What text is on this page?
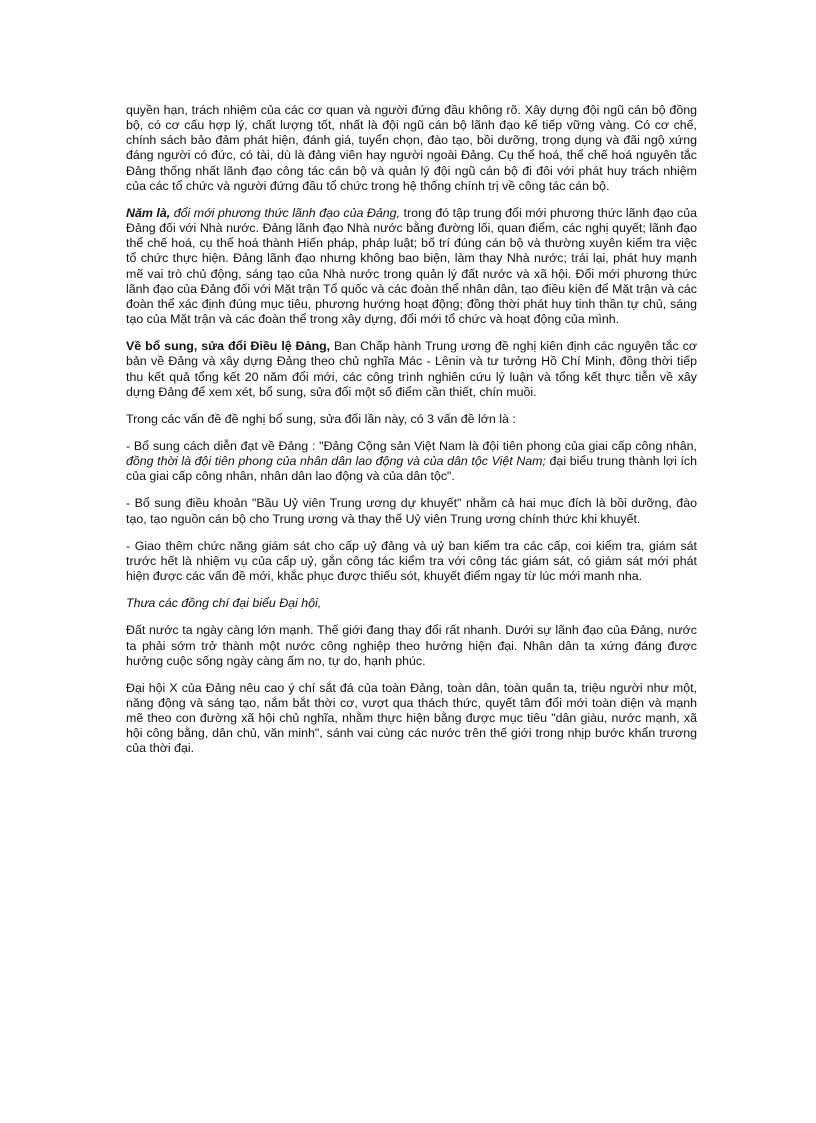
quyền hạn, trách nhiệm của các cơ quan và người đứng đầu không rõ. Xây dựng đội ngũ cán bộ đồng bộ, có cơ cấu hợp lý, chất lượng tốt, nhất là đội ngũ cán bộ lãnh đạo kế tiếp vững vàng. Có cơ chế, chính sách bảo đảm phát hiện, đánh giá, tuyển chọn, đào tạo, bồi dưỡng, trọng dụng và đãi ngộ xứng đáng người có đức, có tài, dù là đảng viên hay người ngoài Đảng. Cụ thể hoá, thể chế hoá nguyên tắc Đảng thống nhất lãnh đạo công tác cán bộ và quản lý đội ngũ cán bộ đi đôi với phát huy trách nhiệm của các tổ chức và người đứng đầu tổ chức trong hệ thống chính trị về công tác cán bộ.

Năm là, đổi mới phương thức lãnh đạo của Đảng, trong đó tập trung đổi mới phương thức lãnh đạo của Đảng đối với Nhà nước. Đảng lãnh đạo Nhà nước bằng đường lối, quan điểm, các nghị quyết; lãnh đạo thể chế hoá, cụ thể hoá thành Hiến pháp, pháp luật; bố trí đúng cán bộ và thường xuyên kiểm tra việc tổ chức thực hiện. Đảng lãnh đạo nhưng không bao biện, làm thay Nhà nước; trái lại, phát huy mạnh mẽ vai trò chủ động, sáng tạo của Nhà nước trong quản lý đất nước và xã hội. Đổi mới phương thức lãnh đạo của Đảng đối với Mặt trận Tổ quốc và các đoàn thể nhân dân, tạo điều kiện để Mặt trận và các đoàn thể xác định đúng mục tiêu, phương hướng hoạt động; đồng thời phát huy tinh thần tự chủ, sáng tạo của Mặt trận và các đoàn thể trong xây dựng, đổi mới tổ chức và hoạt động của mình.

Về bổ sung, sửa đổi Điều lệ Đảng, Ban Chấp hành Trung ương đề nghị kiên định các nguyên tắc cơ bản về Đảng và xây dựng Đảng theo chủ nghĩa Mác - Lênin và tư tưởng Hồ Chí Minh, đồng thời tiếp thu kết quả tổng kết 20 năm đổi mới, các công trình nghiên cứu lý luận và tổng kết thực tiễn về xây dựng Đảng để xem xét, bổ sung, sửa đổi một số điểm cần thiết, chín muồi.

Trong các vấn đề đề nghị bổ sung, sửa đổi lần này, có 3 vấn đề lớn là :

- Bổ sung cách diễn đạt về Đảng : "Đảng Cộng sản Việt Nam là đội tiên phong của giai cấp công nhân, đồng thời là đội tiên phong của nhân dân lao động và của dân tộc Việt Nam; đại biểu trung thành lợi ích của giai cấp công nhân, nhân dân lao động và của dân tộc".

- Bổ sung điều khoản "Bầu Uỷ viên Trung ương dự khuyết" nhằm cả hai mục đích là bồi dưỡng, đào tạo, tạo nguồn cán bộ cho Trung ương và thay thế Uỷ viên Trung ương chính thức khi khuyết.

- Giao thêm chức năng giám sát cho cấp uỷ đảng và uỷ ban kiểm tra các cấp, coi kiểm tra, giám sát trước hết là nhiệm vụ của cấp uỷ, gắn công tác kiểm tra với công tác giám sát, có giám sát mới phát hiện được các vấn đề mới, khắc phục được thiếu sót, khuyết điểm ngay từ lúc mới manh nha.

Thưa các đồng chí đại biểu Đại hội,

Đất nước ta ngày càng lớn mạnh. Thế giới đang thay đổi rất nhanh. Dưới sự lãnh đạo của Đảng, nước ta phải sớm trở thành một nước công nghiệp theo hướng hiện đại. Nhân dân ta xứng đáng được hưởng cuộc sống ngày càng ấm no, tự do, hạnh phúc.

Đại hội X của Đảng nêu cao ý chí sắt đá của toàn Đảng, toàn dân, toàn quân ta, triệu người như một, năng động và sáng tạo, nắm bắt thời cơ, vượt qua thách thức, quyết tâm đổi mới toàn diện và mạnh mẽ theo con đường xã hội chủ nghĩa, nhằm thực hiện bằng được mục tiêu "dân giàu, nước mạnh, xã hội công bằng, dân chủ, văn minh", sánh vai cùng các nước trên thế giới trong nhịp bước khẩn trương của thời đại.
